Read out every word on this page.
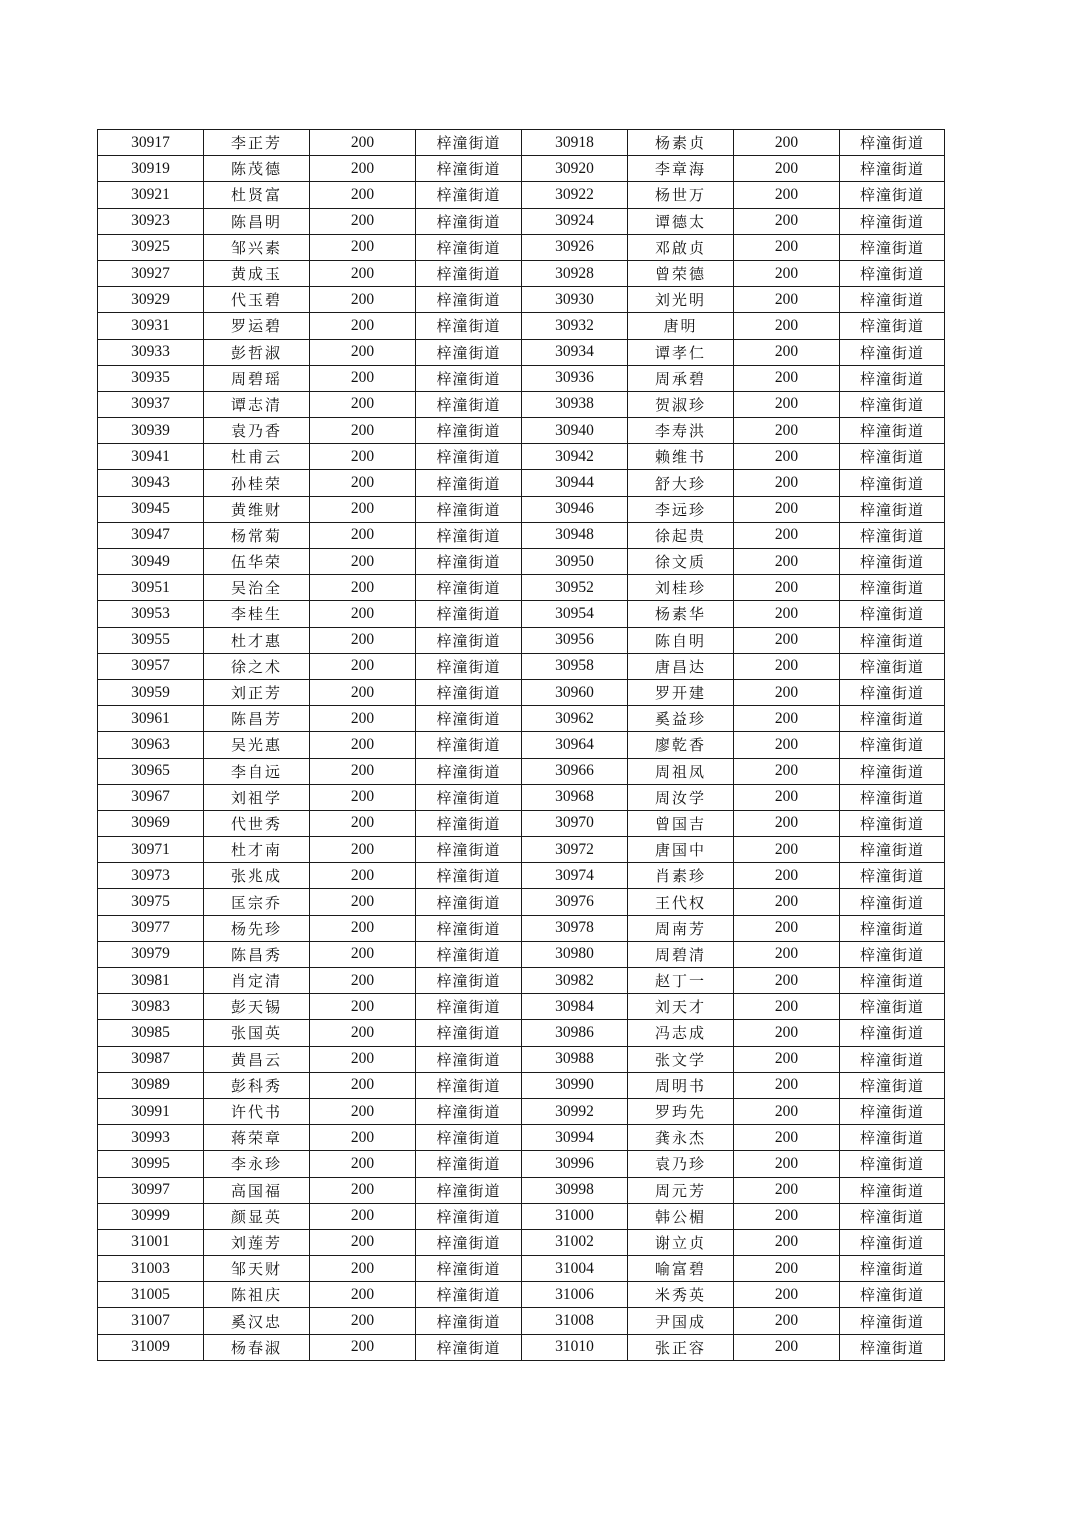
30917	李正芳	200	梓潼街道	30918	杨素贞	200	梓潼街道
30919	陈茂德	200	梓潼街道	30920	李章海	200	梓潼街道
30921	杜贤富	200	梓潼街道	30922	杨世万	200	梓潼街道
30923	陈昌明	200	梓潼街道	30924	谭德太	200	梓潼街道
30925	邹兴素	200	梓潼街道	30926	邓啟贞	200	梓潼街道
30927	黄成玉	200	梓潼街道	30928	曾荣德	200	梓潼街道
30929	代玉碧	200	梓潼街道	30930	刘光明	200	梓潼街道
30931	罗运碧	200	梓潼街道	30932	唐明	200	梓潼街道
30933	彭哲淑	200	梓潼街道	30934	谭孝仁	200	梓潼街道
30935	周碧瑶	200	梓潼街道	30936	周承碧	200	梓潼街道
30937	谭志清	200	梓潼街道	30938	贺淑珍	200	梓潼街道
30939	袁乃香	200	梓潼街道	30940	李寿洪	200	梓潼街道
30941	杜甫云	200	梓潼街道	30942	赖维书	200	梓潼街道
30943	孙桂荣	200	梓潼街道	30944	舒大珍	200	梓潼街道
30945	黄维财	200	梓潼街道	30946	李远珍	200	梓潼街道
30947	杨常菊	200	梓潼街道	30948	徐起贵	200	梓潼街道
30949	伍华荣	200	梓潼街道	30950	徐文质	200	梓潼街道
30951	吴治全	200	梓潼街道	30952	刘桂珍	200	梓潼街道
30953	李桂生	200	梓潼街道	30954	杨素华	200	梓潼街道
30955	杜才惠	200	梓潼街道	30956	陈自明	200	梓潼街道
30957	徐之术	200	梓潼街道	30958	唐昌达	200	梓潼街道
30959	刘正芳	200	梓潼街道	30960	罗开建	200	梓潼街道
30961	陈昌芳	200	梓潼街道	30962	奚益珍	200	梓潼街道
30963	吴光惠	200	梓潼街道	30964	廖乾香	200	梓潼街道
30965	李自远	200	梓潼街道	30966	周祖凤	200	梓潼街道
30967	刘祖学	200	梓潼街道	30968	周汝学	200	梓潼街道
30969	代世秀	200	梓潼街道	30970	曾国吉	200	梓潼街道
30971	杜才南	200	梓潼街道	30972	唐国中	200	梓潼街道
30973	张兆成	200	梓潼街道	30974	肖素珍	200	梓潼街道
30975	匡宗乔	200	梓潼街道	30976	王代权	200	梓潼街道
30977	杨先珍	200	梓潼街道	30978	周南芳	200	梓潼街道
30979	陈昌秀	200	梓潼街道	30980	周碧清	200	梓潼街道
30981	肖定清	200	梓潼街道	30982	赵丁一	200	梓潼街道
30983	彭天锡	200	梓潼街道	30984	刘天才	200	梓潼街道
30985	张国英	200	梓潼街道	30986	冯志成	200	梓潼街道
30987	黄昌云	200	梓潼街道	30988	张文学	200	梓潼街道
30989	彭科秀	200	梓潼街道	30990	周明书	200	梓潼街道
30991	许代书	200	梓潼街道	30992	罗玙先	200	梓潼街道
30993	蒋荣章	200	梓潼街道	30994	龚永杰	200	梓潼街道
30995	李永珍	200	梓潼街道	30996	袁乃珍	200	梓潼街道
30997	高国福	200	梓潼街道	30998	周元芳	200	梓潼街道
30999	颜显英	200	梓潼街道	31000	韩公楣	200	梓潼街道
31001	刘莲芳	200	梓潼街道	31002	谢立贞	200	梓潼街道
31003	邹天财	200	梓潼街道	31004	喻富碧	200	梓潼街道
31005	陈祖庆	200	梓潼街道	31006	米秀英	200	梓潼街道
31007	奚汉忠	200	梓潼街道	31008	尹国成	200	梓潼街道
31009	杨春淑	200	梓潼街道	31010	张正容	200	梓潼街道
